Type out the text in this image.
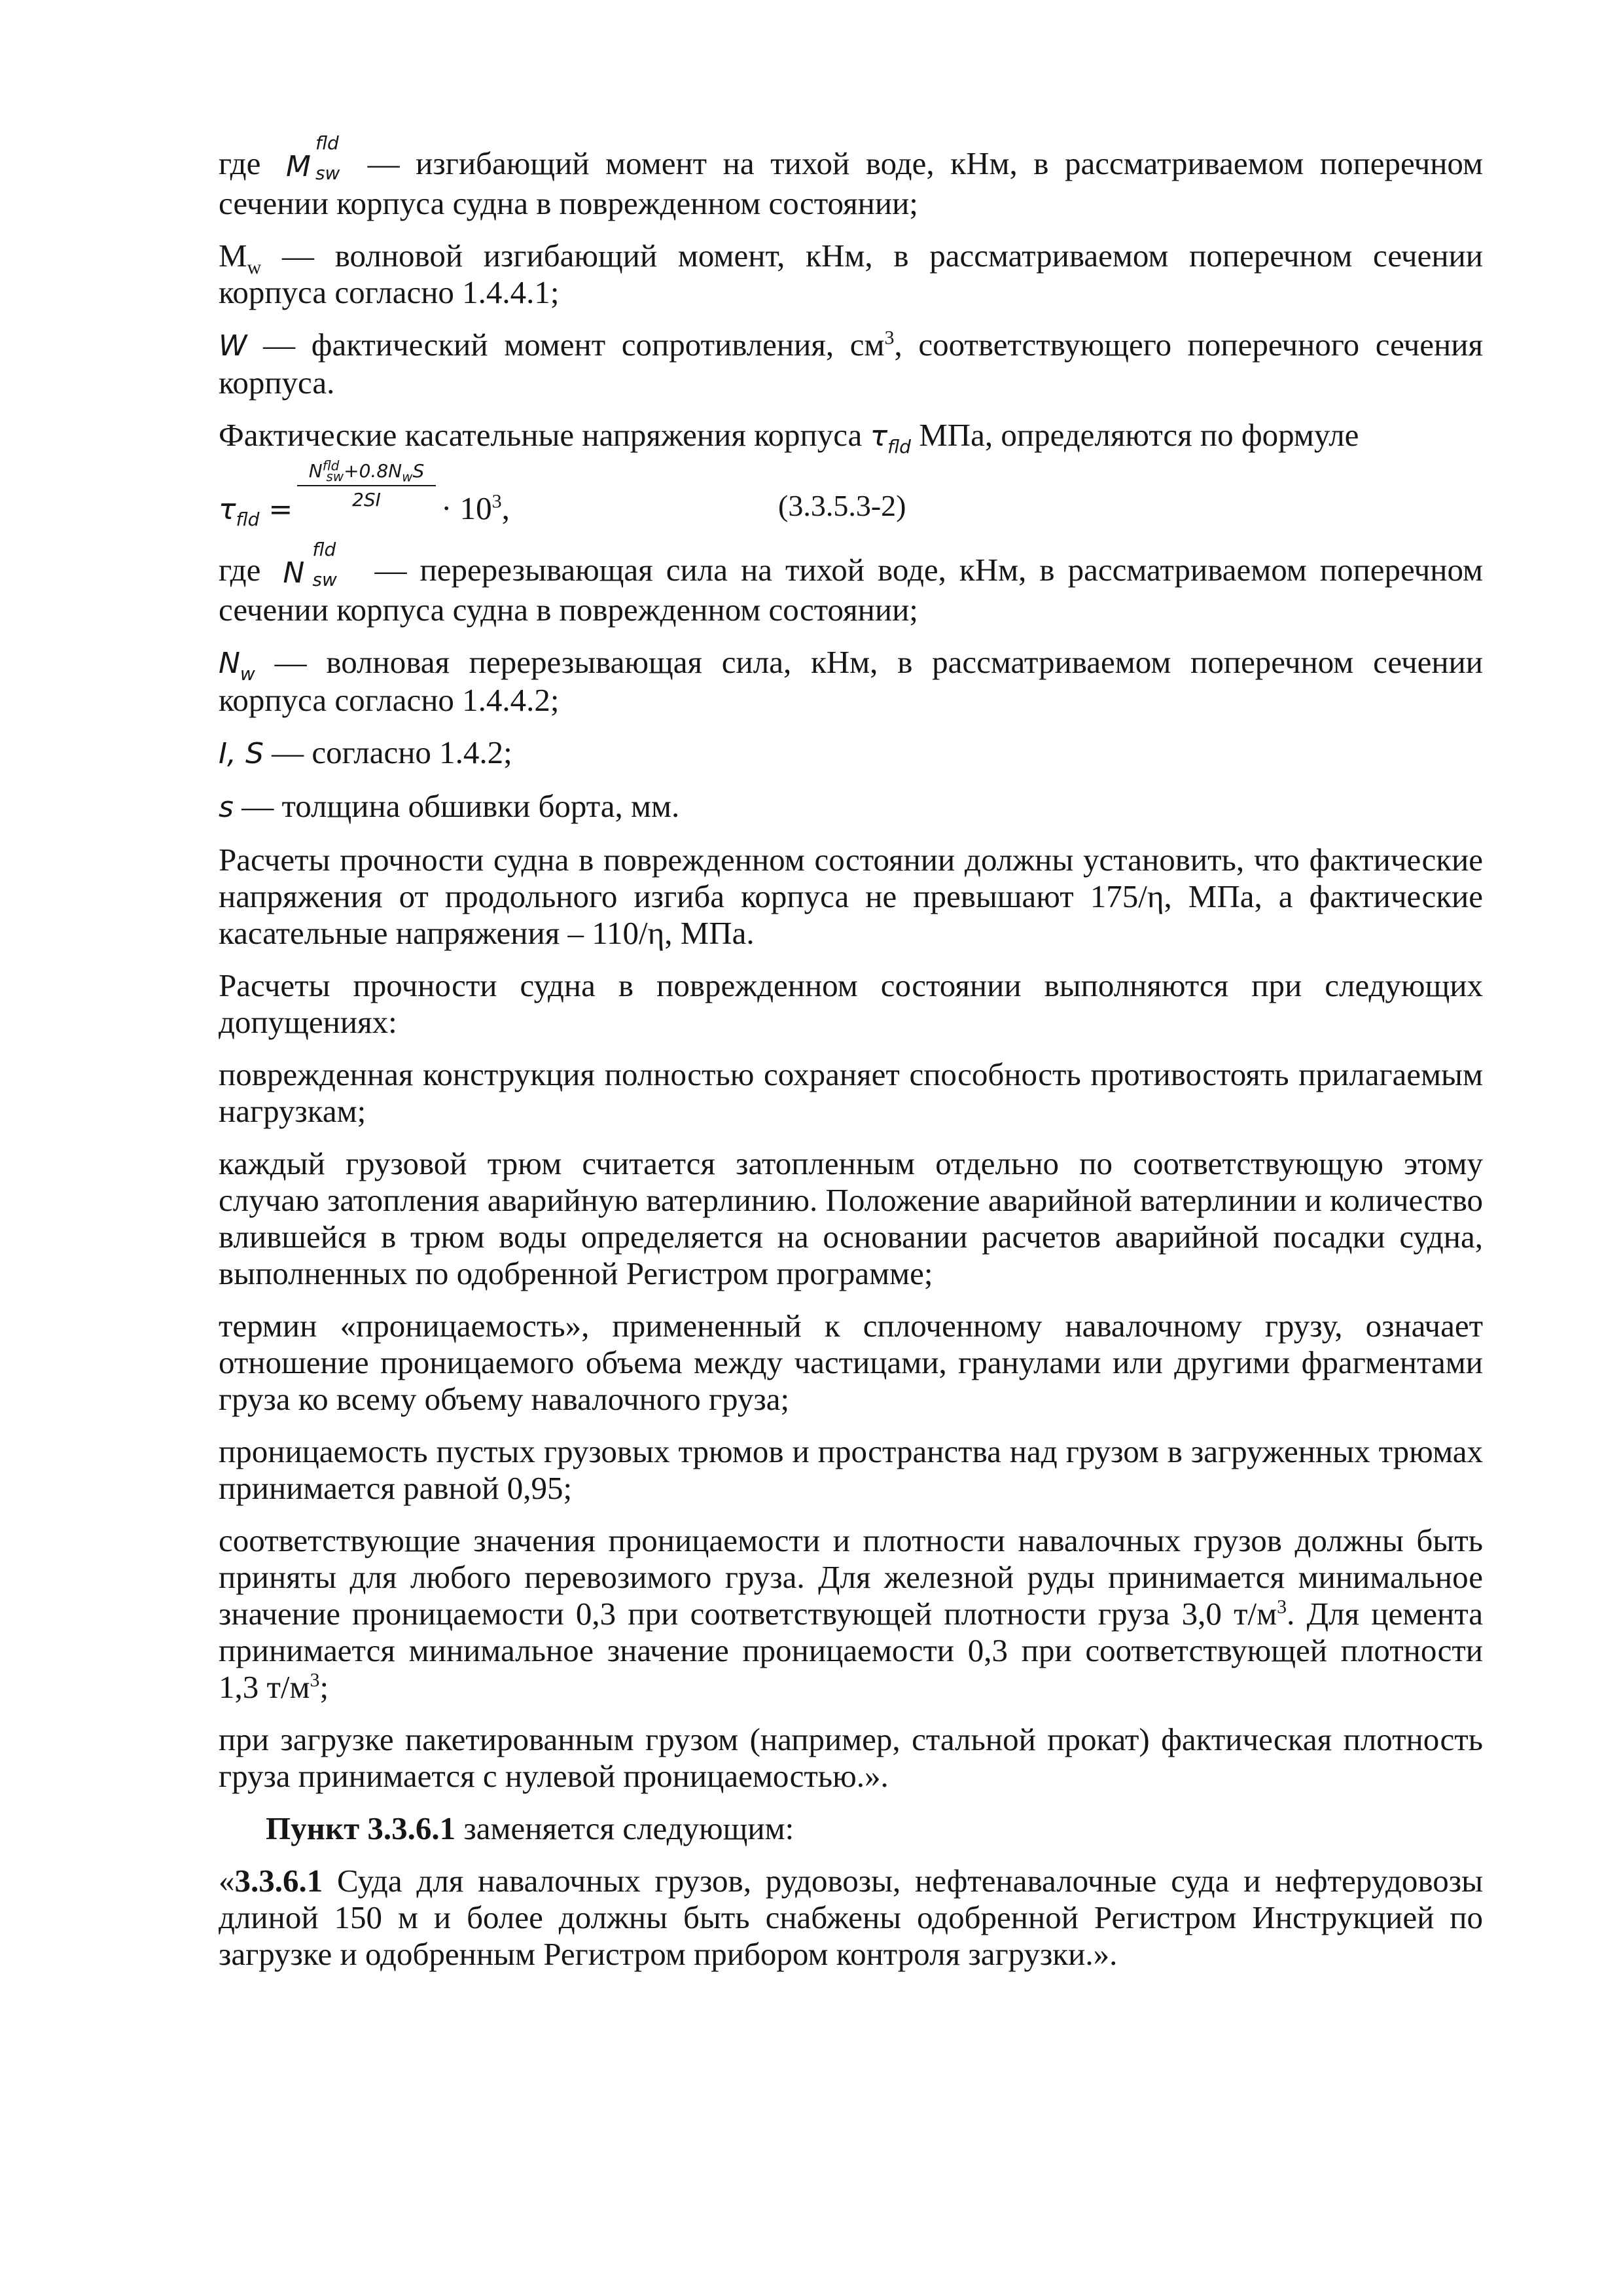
где M
fld
sw — изгибающий момент на тихой воде, кНм, в рассматриваемом поперечном сечении корпуса судна в поврежденном состоянии;

$M_w$ — волновой изгибающий момент, кНм, в рассматриваемом поперечном сечении корпуса согласно 1.4.4.1;

W — фактический момент сопротивления, $см^3$, соответствующего поперечного сечения корпуса.

Фактические касательные напряжения корпуса $\tau_{fld}$ МПа, определяются по формуле

$\tau_{fld}$ =
$N^{fld}_{sw}+0.8N_wS$
2SI	· $10^3$,	(3.3.5.3-2)

где N
fld
sw — перерезывающая сила на тихой воде, кНм, в рассматриваемом поперечном сечении корпуса судна в поврежденном состоянии;

$N_w$ — волновая перерезывающая сила, кНм, в рассматриваемом поперечном сечении корпуса согласно 1.4.4.2;

I, S — согласно 1.4.2;

s — толщина обшивки борта, мм.

Расчеты прочности судна в поврежденном состоянии должны установить, что фактические напряжения от продольного изгиба корпуса не превышают 175/η, МПа, а фактические касательные напряжения – 110/η, МПа.

Расчеты прочности судна в поврежденном состоянии выполняются при следующих допущениях:

поврежденная конструкция полностью сохраняет способность противостоять прилагаемым нагрузкам;

каждый грузовой трюм считается затопленным отдельно по соответствующую этому случаю затопления аварийную ватерлинию. Положение аварийной ватерлинии и количество влившейся в трюм воды определяется на основании расчетов аварийной посадки судна, выполненных по одобренной Регистром программе;

термин «проницаемость», примененный к сплоченному навалочному грузу, означает отношение проницаемого объема между частицами, гранулами или другими фрагментами груза ко всему объему навалочного груза;

проницаемость пустых грузовых трюмов и пространства над грузом в загруженных трюмах принимается равной 0,95;

соответствующие значения проницаемости и плотности навалочных грузов должны быть приняты для любого перевозимого груза. Для железной руды принимается минимальное значение проницаемости 0,3 при соответствующей плотности груза 3,0 $т/м^3$. Для цемента принимается минимальное значение проницаемости 0,3 при соответствующей плотности 1,3 $т/м^3$;

при загрузке пакетированным грузом (например, стальной прокат) фактическая плотность груза принимается с нулевой проницаемостью.».

Пункт 3.3.6.1 заменяется следующим:

«3.3.6.1 Суда для навалочных грузов, рудовозы, нефтенавалочные суда и нефтерудовозы длиной 150 м и более должны быть снабжены одобренной Регистром Инструкцией по загрузке и одобренным Регистром прибором контроля загрузки.».
